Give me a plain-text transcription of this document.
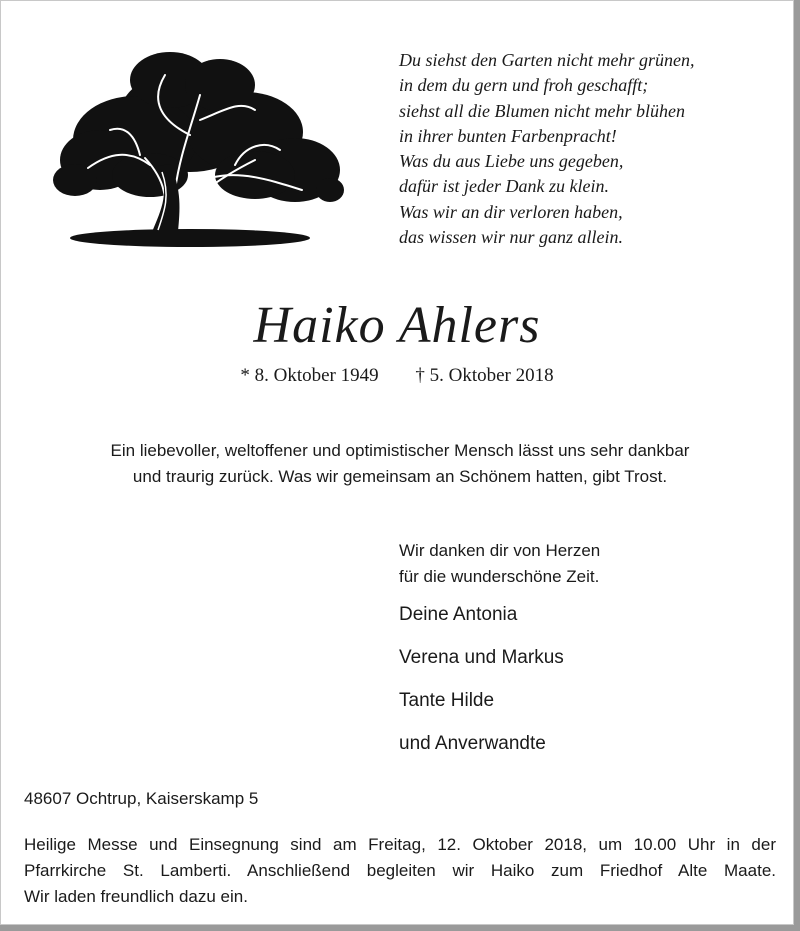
Du siehst den Garten nicht mehr grünen,
in dem du gern und froh geschafft;
siehst all die Blumen nicht mehr blühen
in ihrer bunten Farbenpracht!
Was du aus Liebe uns gegeben,
dafür ist jeder Dank zu klein.
Was wir an dir verloren haben,
das wissen wir nur ganz allein.
Haiko Ahlers
* 8. Oktober 1949 † 5. Oktober 2018
Ein liebevoller, weltoffener und optimistischer Mensch lässt uns sehr dankbar
und traurig zurück. Was wir gemeinsam an Schönem hatten, gibt Trost.
Wir danken dir von Herzen
für die wunderschöne Zeit.
Deine Antonia
Verena und Markus
Tante Hilde
und Anverwandte
48607 Ochtrup, Kaiserskamp 5
Heilige Messe und Einsegnung sind am Freitag, 12. Oktober 2018, um 10.00 Uhr in der
Pfarrkirche St. Lamberti. Anschließend begleiten wir Haiko zum Friedhof Alte Maate.
Wir laden freundlich dazu ein.
